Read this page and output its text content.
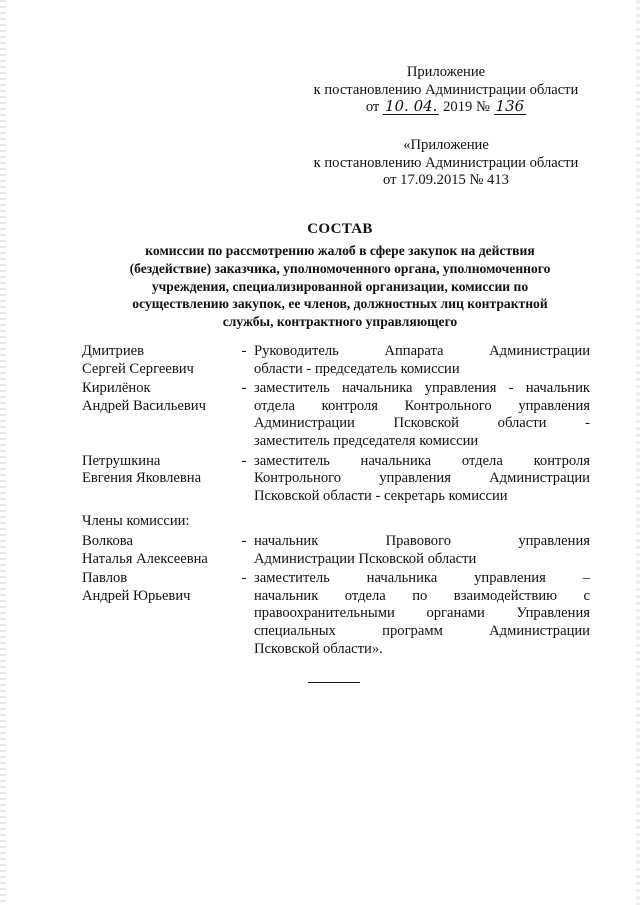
Приложение
к постановлению Администрации области
от 10. 04. 2019 № 136
«Приложение
к постановлению Администрации области
от 17.09.2015 № 413
СОСТАВ
комиссии по рассмотрению жалоб в сфере закупок на действия
(бездействие) заказчика, уполномоченного органа, уполномоченного
учреждения, специализированной организации, комиссии по
осуществлению закупок, ее членов, должностных лиц контрактной
службы, контрактного управляющего
Дмитриев
Сергей Сергеевич
- Руководитель Аппарата Администрации
области - председатель комиссии
Кирилёнок
Андрей Васильевич
- заместитель начальника управления - начальник
отдела контроля Контрольного управления
Администрации Псковской области -
заместитель председателя комиссии
Петрушкина
Евгения Яковлевна
- заместитель начальника отдела контроля
Контрольного управления Администрации
Псковской области - секретарь комиссии
Члены комиссии:
Волкова
Наталья Алексеевна
- начальник Правового управления
Администрации Псковской области
Павлов
Андрей Юрьевич
- заместитель начальника управления –
начальник отдела по взаимодействию с
правоохранительными органами Управления
специальных программ Администрации
Псковской области».
